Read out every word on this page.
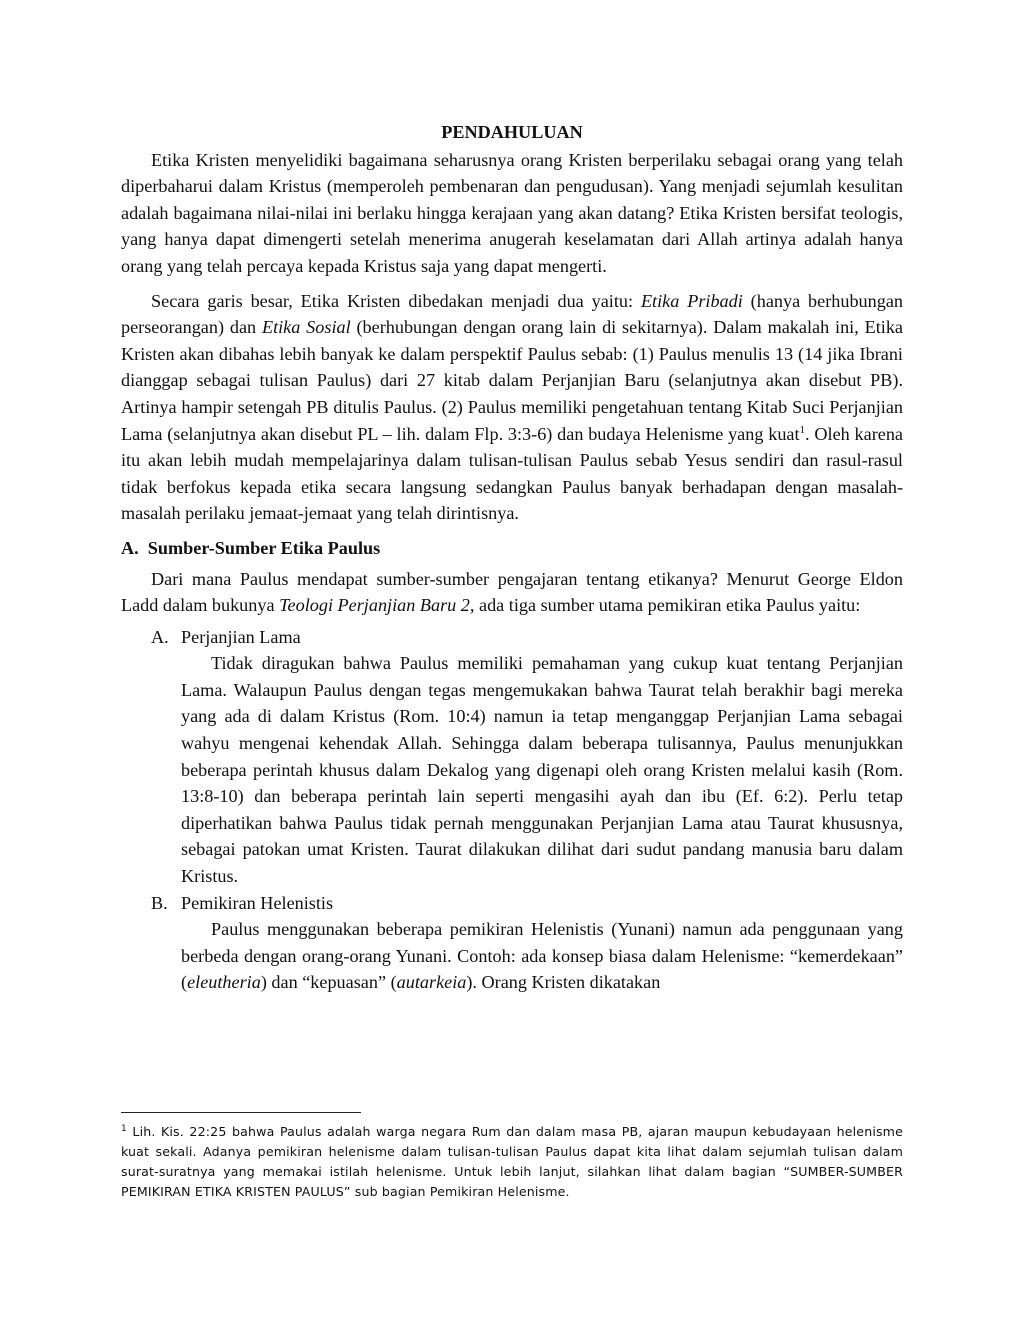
PENDAHULUAN

Etika Kristen menyelidiki bagaimana seharusnya orang Kristen berperilaku sebagai orang yang telah diperbaharui dalam Kristus (memperoleh pembenaran dan pengudusan). Yang menjadi sejumlah kesulitan adalah bagaimana nilai-nilai ini berlaku hingga kerajaan yang akan datang? Etika Kristen bersifat teologis, yang hanya dapat dimengerti setelah menerima anugerah keselamatan dari Allah artinya adalah hanya orang yang telah percaya kepada Kristus saja yang dapat mengerti.

Secara garis besar, Etika Kristen dibedakan menjadi dua yaitu: Etika Pribadi (hanya berhubungan perseorangan) dan Etika Sosial (berhubungan dengan orang lain di sekitarnya). Dalam makalah ini, Etika Kristen akan dibahas lebih banyak ke dalam perspektif Paulus sebab: (1) Paulus menulis 13 (14 jika Ibrani dianggap sebagai tulisan Paulus) dari 27 kitab dalam Perjanjian Baru (selanjutnya akan disebut PB). Artinya hampir setengah PB ditulis Paulus. (2) Paulus memiliki pengetahuan tentang Kitab Suci Perjanjian Lama (selanjutnya akan disebut PL – lih. dalam Flp. 3:3-6) dan budaya Helenisme yang kuat$^1$. Oleh karena itu akan lebih mudah mempelajarinya dalam tulisan-tulisan Paulus sebab Yesus sendiri dan rasul-rasul tidak berfokus kepada etika secara langsung sedangkan Paulus banyak berhadapan dengan masalah-masalah perilaku jemaat-jemaat yang telah dirintisnya.

A. Sumber-Sumber Etika Paulus

Dari mana Paulus mendapat sumber-sumber pengajaran tentang etikanya? Menurut George Eldon Ladd dalam bukunya Teologi Perjanjian Baru 2, ada tiga sumber utama pemikiran etika Paulus yaitu:

A. Perjanjian Lama

Tidak diragukan bahwa Paulus memiliki pemahaman yang cukup kuat tentang Perjanjian Lama. Walaupun Paulus dengan tegas mengemukakan bahwa Taurat telah berakhir bagi mereka yang ada di dalam Kristus (Rom. 10:4) namun ia tetap menganggap Perjanjian Lama sebagai wahyu mengenai kehendak Allah. Sehingga dalam beberapa tulisannya, Paulus menunjukkan beberapa perintah khusus dalam Dekalog yang digenapi oleh orang Kristen melalui kasih (Rom. 13:8-10) dan beberapa perintah lain seperti mengasihi ayah dan ibu (Ef. 6:2). Perlu tetap diperhatikan bahwa Paulus tidak pernah menggunakan Perjanjian Lama atau Taurat khususnya, sebagai patokan umat Kristen. Taurat dilakukan dilihat dari sudut pandang manusia baru dalam Kristus.

B. Pemikiran Helenistis

Paulus menggunakan beberapa pemikiran Helenistis (Yunani) namun ada penggunaan yang berbeda dengan orang-orang Yunani. Contoh: ada konsep biasa dalam Helenisme: “kemerdekaan” (eleutheria) dan “kepuasan” (autarkeia). Orang Kristen dikatakan

$^1$ Lih. Kis. 22:25 bahwa Paulus adalah warga negara Rum dan dalam masa PB, ajaran maupun kebudayaan helenisme kuat sekali. Adanya pemikiran helenisme dalam tulisan-tulisan Paulus dapat kita lihat dalam sejumlah tulisan dalam surat-suratnya yang memakai istilah helenisme. Untuk lebih lanjut, silahkan lihat dalam bagian “SUMBER-SUMBER PEMIKIRAN ETIKA KRISTEN PAULUS” sub bagian Pemikiran Helenisme.
